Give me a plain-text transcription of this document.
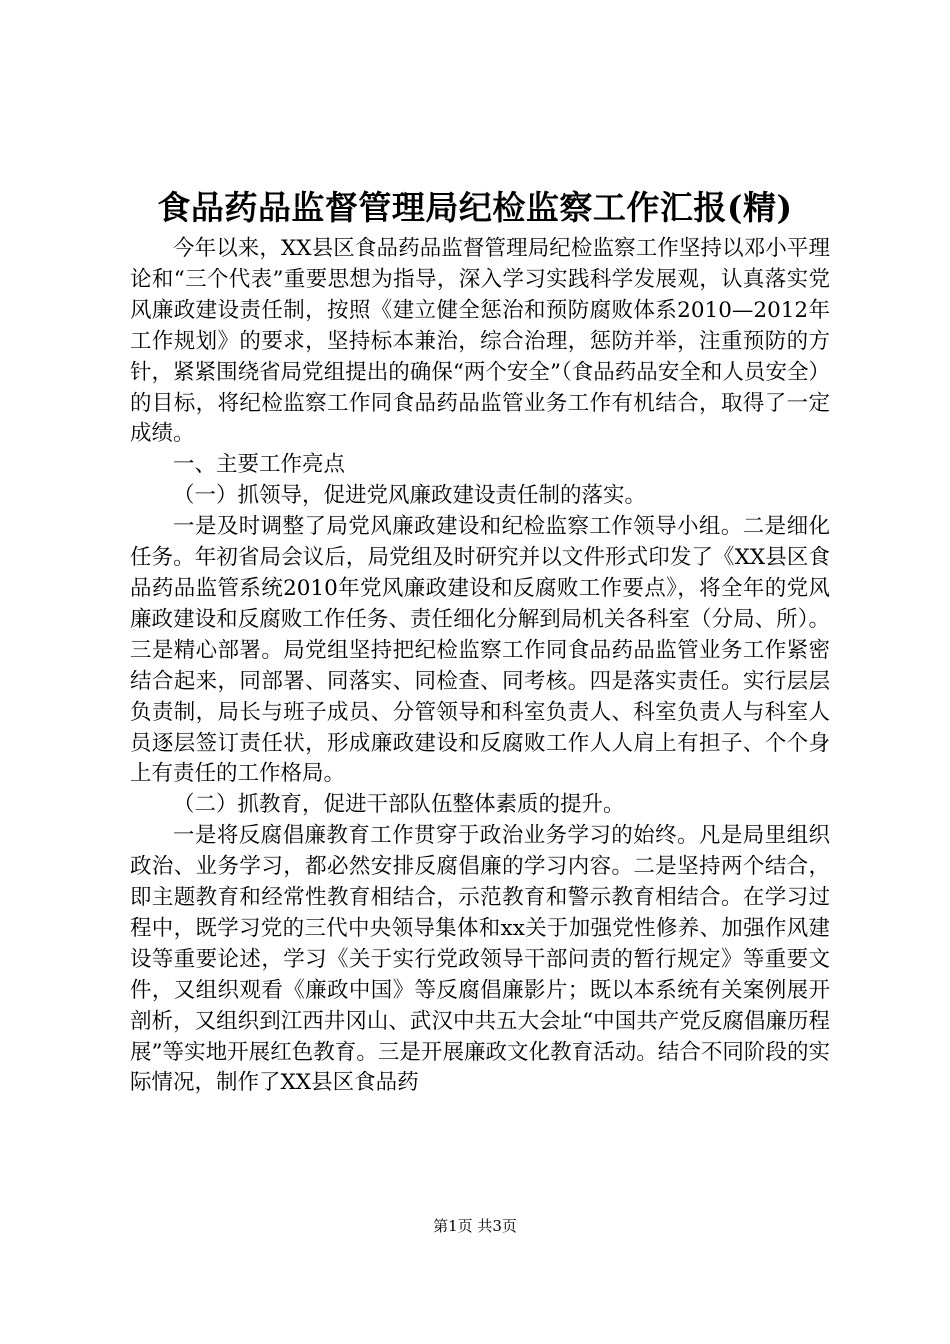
食品药品监督管理局纪检监察工作汇报(精)

今年以来，XX县区食品药品监督管理局纪检监察工作坚持以邓小平理论和“三个代表”重要思想为指导，深入学习实践科学发展观，认真落实党风廉政建设责任制，按照《建立健全惩治和预防腐败体系2010—2012年工作规划》的要求，坚持标本兼治，综合治理，惩防并举，注重预防的方针，紧紧围绕省局党组提出的确保“两个安全”（食品药品安全和人员安全）的目标，将纪检监察工作同食品药品监管业务工作有机结合，取得了一定成绩。

一、主要工作亮点

（一）抓领导，促进党风廉政建设责任制的落实。

一是及时调整了局党风廉政建设和纪检监察工作领导小组。二是细化任务。年初省局会议后，局党组及时研究并以文件形式印发了《XX县区食品药品监管系统2010年党风廉政建设和反腐败工作要点》，将全年的党风廉政建设和反腐败工作任务、责任细化分解到局机关各科室（分局、所）。三是精心部署。局党组坚持把纪检监察工作同食品药品监管业务工作紧密结合起来，同部署、同落实、同检查、同考核。四是落实责任。实行层层负责制，局长与班子成员、分管领导和科室负责人、科室负责人与科室人员逐层签订责任状，形成廉政建设和反腐败工作人人肩上有担子、个个身上有责任的工作格局。

（二）抓教育，促进干部队伍整体素质的提升。

一是将反腐倡廉教育工作贯穿于政治业务学习的始终。凡是局里组织政治、业务学习，都必然安排反腐倡廉的学习内容。二是坚持两个结合，即主题教育和经常性教育相结合，示范教育和警示教育相结合。在学习过程中，既学习党的三代中央领导集体和xx关于加强党性修养、加强作风建设等重要论述，学习《关于实行党政领导干部问责的暂行规定》等重要文件，又组织观看《廉政中国》等反腐倡廉影片；既以本系统有关案例展开剖析，又组织到江西井冈山、武汉中共五大会址“中国共产党反腐倡廉历程展”等实地开展红色教育。三是开展廉政文化教育活动。结合不同阶段的实际情况，制作了XX县区食品药

第1页 共3页
